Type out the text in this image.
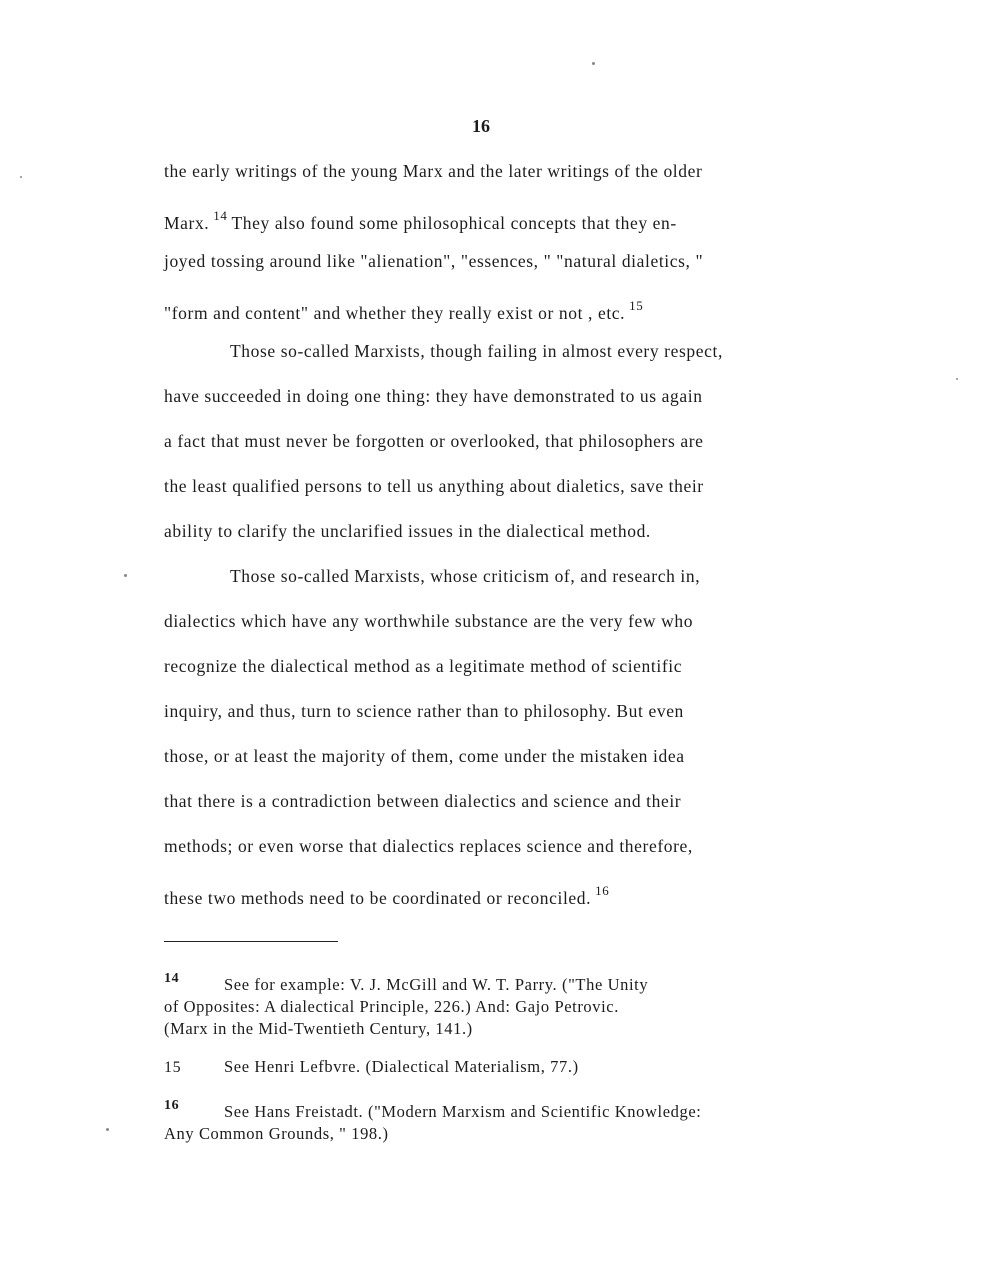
16
the early writings of the young Marx and the later writings of the older
Marx. $^{14}$ They also found some philosophical concepts that they en-
joyed tossing around like "alienation", "essences, " "natural dialetics, "
"form and content" and whether they really exist or not , etc. $^{15}$
Those so-called Marxists, though failing in almost every respect,
have succeeded in doing one thing: they have demonstrated to us again
a fact that must never be forgotten or overlooked, that philosophers are
the least qualified persons to tell us anything about dialetics, save their
ability to clarify the unclarified issues in the dialectical method.
Those so-called Marxists, whose criticism of, and research in,
dialectics which have any worthwhile substance are the very few who
recognize the dialectical method as a legitimate method of scientific
inquiry, and thus, turn to science rather than to philosophy. But even
those, or at least the majority of them, come under the mistaken idea
that there is a contradiction between dialectics and science and their
methods; or even worse that dialectics replaces science and therefore,
these two methods need to be coordinated or reconciled. $^{16}$
14	See for example: V. J. McGill and W. T. Parry. ("The Unity
of Opposites: A dialectical Principle, 226.) And: Gajo Petrovic.
(Marx in the Mid-Twentieth Century, 141.)
15	See Henri Lefbvre. (Dialectical Materialism, 77.)
16	See Hans Freistadt. ("Modern Marxism and Scientific Knowledge:
Any Common Grounds, " 198.)
